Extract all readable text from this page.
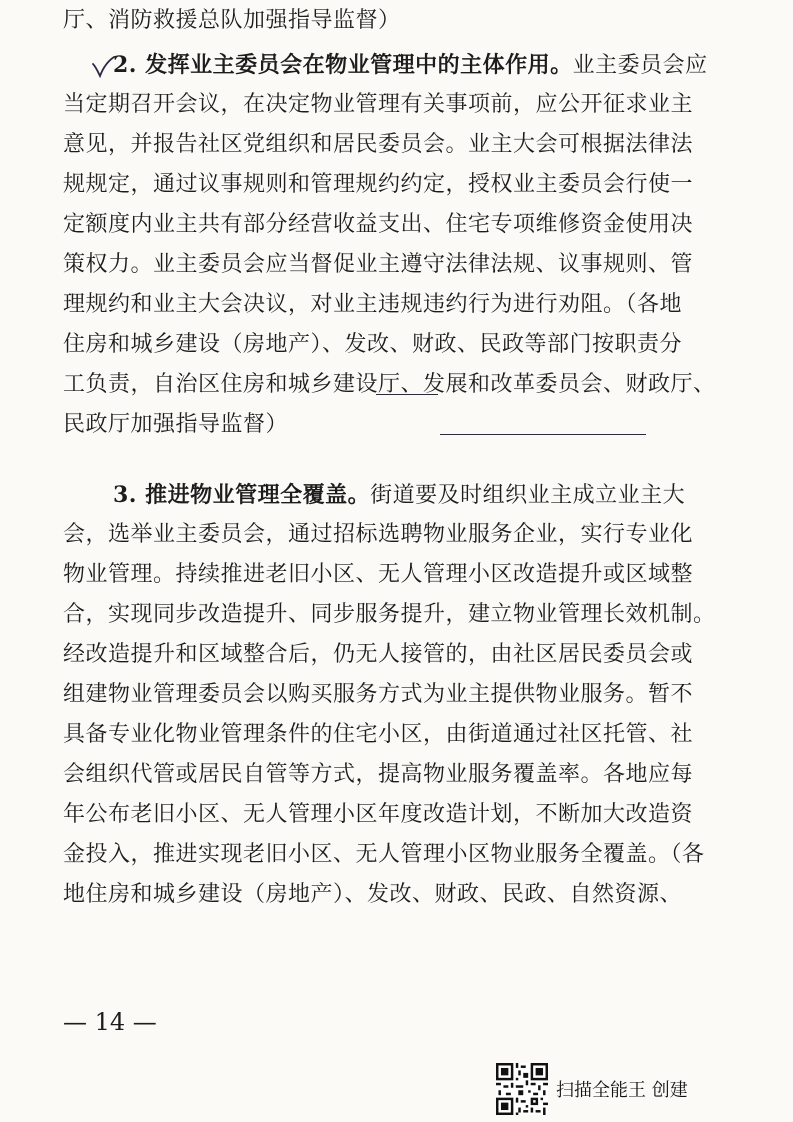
厅、消防救援总队加强指导监督）
2. 发挥业主委员会在物业管理中的主体作用。业主委员会应
当定期召开会议，在决定物业管理有关事项前，应公开征求业主
意见，并报告社区党组织和居民委员会。业主大会可根据法律法
规规定，通过议事规则和管理规约约定，授权业主委员会行使一
定额度内业主共有部分经营收益支出、住宅专项维修资金使用决
策权力。业主委员会应当督促业主遵守法律法规、议事规则、管
理规约和业主大会决议，对业主违规违约行为进行劝阻。（各地
住房和城乡建设（房地产）、发改、财政、民政等部门按职责分
工负责，自治区住房和城乡建设厅、发展和改革委员会、财政厅、
民政厅加强指导监督）
3. 推进物业管理全覆盖。街道要及时组织业主成立业主大
会，选举业主委员会，通过招标选聘物业服务企业，实行专业化
物业管理。持续推进老旧小区、无人管理小区改造提升或区域整
合，实现同步改造提升、同步服务提升，建立物业管理长效机制。
经改造提升和区域整合后，仍无人接管的，由社区居民委员会或
组建物业管理委员会以购买服务方式为业主提供物业服务。暂不
具备专业化物业管理条件的住宅小区，由街道通过社区托管、社
会组织代管或居民自管等方式，提高物业服务覆盖率。各地应每
年公布老旧小区、无人管理小区年度改造计划，不断加大改造资
金投入，推进实现老旧小区、无人管理小区物业服务全覆盖。（各
地住房和城乡建设（房地产）、发改、财政、民政、自然资源、
— 14 —
扫描全能王 创建
